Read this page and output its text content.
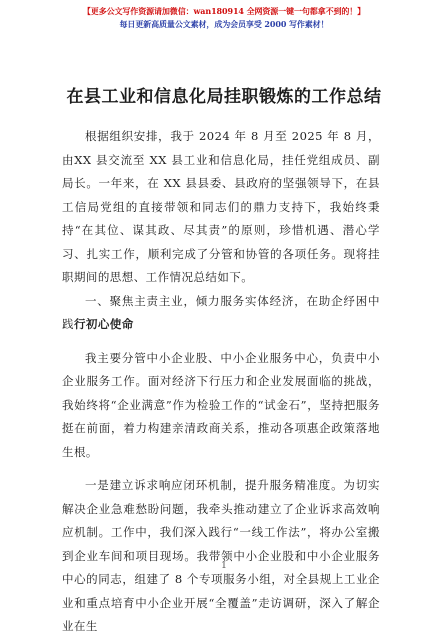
【更多公文写作资源请加微信：wan180914 全网资源一键一句都拿不到的！】
每日更新高质量公文素材，成为会员享受 2000 写作素材！
在县工业和信息化局挂职锻炼的工作总结

根据组织安排，我于 2024 年 8 月至 2025 年 8 月，由XX 县交流至 XX 县工业和信息化局，挂任党组成员、副局长。一年来，在 XX 县县委、县政府的坚强领导下，在县工信局党组的直接带领和同志们的鼎力支持下，我始终秉持“在其位、谋其政、尽其责”的原则，珍惜机遇、潜心学习、扎实工作，顺利完成了分管和协管的各项任务。现将挂职期间的思想、工作情况总结如下。

一、聚焦主责主业，倾力服务实体经济，在助企纾困中践行初心使命

我主要分管中小企业股、中小企业服务中心，负责中小企业服务工作。面对经济下行压力和企业发展面临的挑战，我始终将“企业满意”作为检验工作的“试金石”，坚持把服务挺在前面，着力构建亲清政商关系，推动各项惠企政策落地生根。

一是建立诉求响应闭环机制，提升服务精准度。为切实解决企业急难愁盼问题，我牵头推动建立了企业诉求高效响应机制。工作中，我们深入践行“一线工作法”，将办公室搬到企业车间和项目现场。我带领中小企业股和中小企业服务中心的同志，组建了 8 个专项服务小组，对全县规上工业企业和重点培育中小企业开展“全覆盖”走访调研，深入了解企业在生

1
